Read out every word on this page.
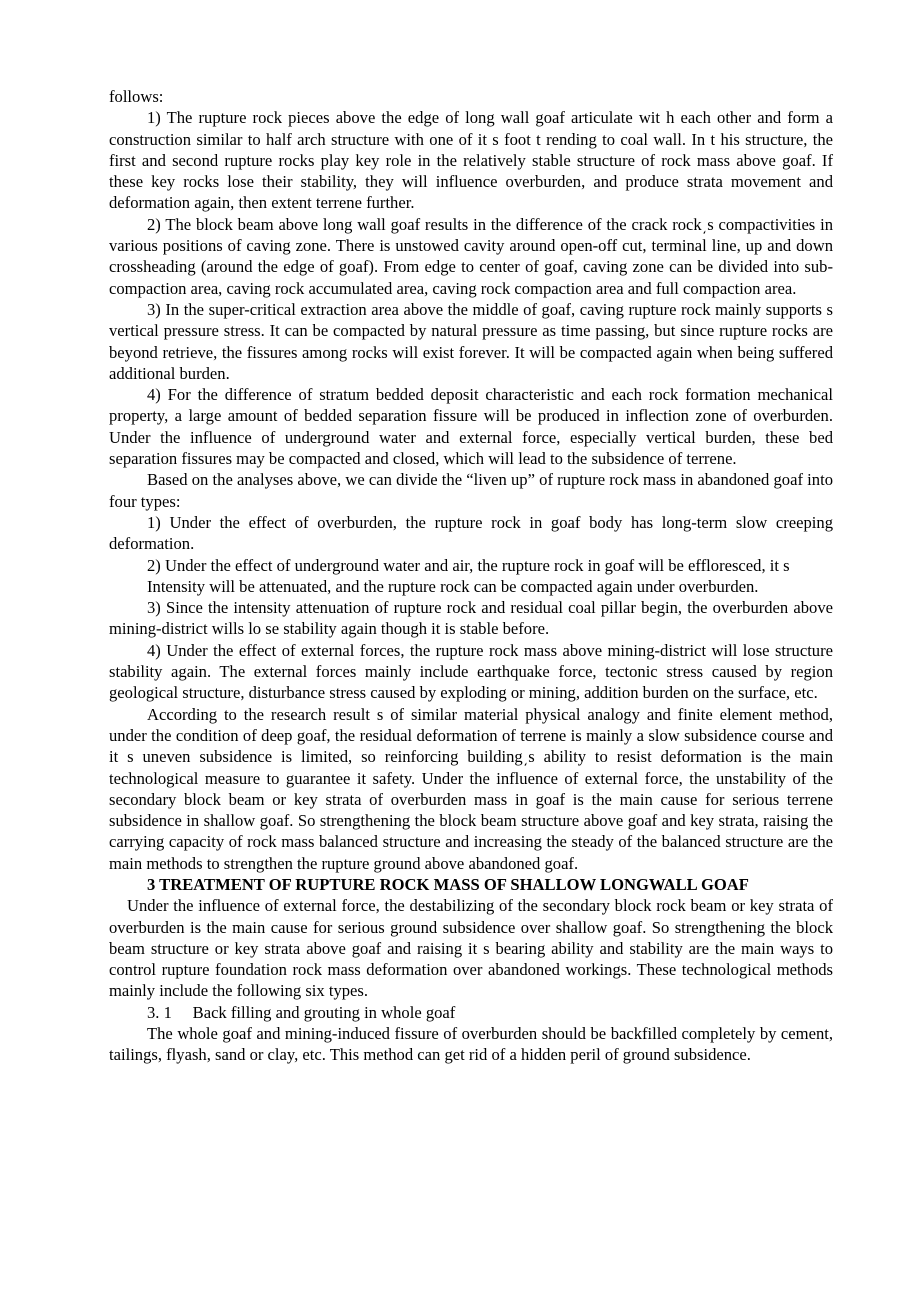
follows:

1) The rupture rock pieces above the edge of long wall goaf articulate wit h each other and form a construction similar to half arch structure with one of it s foot t rending to coal wall. In t his structure, the first and second rupture rocks play key role in the relatively stable structure of rock mass above goaf. If these key rocks lose their stability, they will influence overburden, and produce strata movement and deformation again, then extent terrene further.

2) The block beam above long wall goaf results in the difference of the crack rock͵s compactivities in various positions of caving zone. There is unstowed cavity around open-off cut, terminal line, up and down crossheading (around the edge of goaf). From edge to center of goaf, caving zone can be divided into sub-compaction area, caving rock accumulated area, caving rock compaction area and full compaction area.

3) In the super-critical extraction area above the middle of goaf, caving rupture rock mainly supports s vertical pressure stress. It can be compacted by natural pressure as time passing, but since rupture rocks are beyond retrieve, the fissures among rocks will exist forever. It will be compacted again when being suffered additional burden.

4) For the difference of stratum bedded deposit characteristic and each rock formation mechanical property, a large amount of bedded separation fissure will be produced in inflection zone of overburden. Under the influence of underground water and external force, especially vertical burden, these bed separation fissures may be compacted and closed, which will lead to the subsidence of terrene.

Based on the analyses above, we can divide the “liven up” of rupture rock mass in abandoned goaf into four types:

1) Under the effect of overburden, the rupture rock in goaf body has long-term slow creeping deformation.

2) Under the effect of underground water and air, the rupture rock in goaf will be effloresced, it s

Intensity will be attenuated, and the rupture rock can be compacted again under overburden.

3) Since the intensity attenuation of rupture rock and residual coal pillar begin, the overburden above mining-district wills lo se stability again though it is stable before.

4) Under the effect of external forces, the rupture rock mass above mining-district will lose structure stability again. The external forces mainly include earthquake force, tectonic stress caused by region geological structure, disturbance stress caused by exploding or mining, addition burden on the surface, etc.

According to the research result s of similar material physical analogy and finite element method, under the condition of deep goaf, the residual deformation of terrene is mainly a slow subsidence course and it s uneven subsidence is limited, so reinforcing building͵s ability to resist deformation is the main technological measure to guarantee it safety. Under the influence of external force, the unstability of the secondary block beam or key strata of overburden mass in goaf is the main cause for serious terrene subsidence in shallow goaf. So strengthening the block beam structure above goaf and key strata, raising the carrying capacity of rock mass balanced structure and increasing the steady of the balanced structure are the main methods to strengthen the rupture ground above abandoned goaf.

3 TREATMENT OF RUPTURE ROCK MASS OF SHALLOW LONGWALL GOAF

Under the influence of external force, the destabilizing of the secondary block rock beam or key strata of overburden is the main cause for serious ground subsidence over shallow goaf. So strengthening the block beam structure or key strata above goaf and raising it s bearing ability and stability are the main ways to control rupture foundation rock mass deformation over abandoned workings. These technological methods mainly include the following six types.

3. 1     Back filling and grouting in whole goaf

The whole goaf and mining-induced fissure of overburden should be backfilled completely by cement, tailings, flyash, sand or clay, etc. This method can get rid of a hidden peril of ground subsidence.
